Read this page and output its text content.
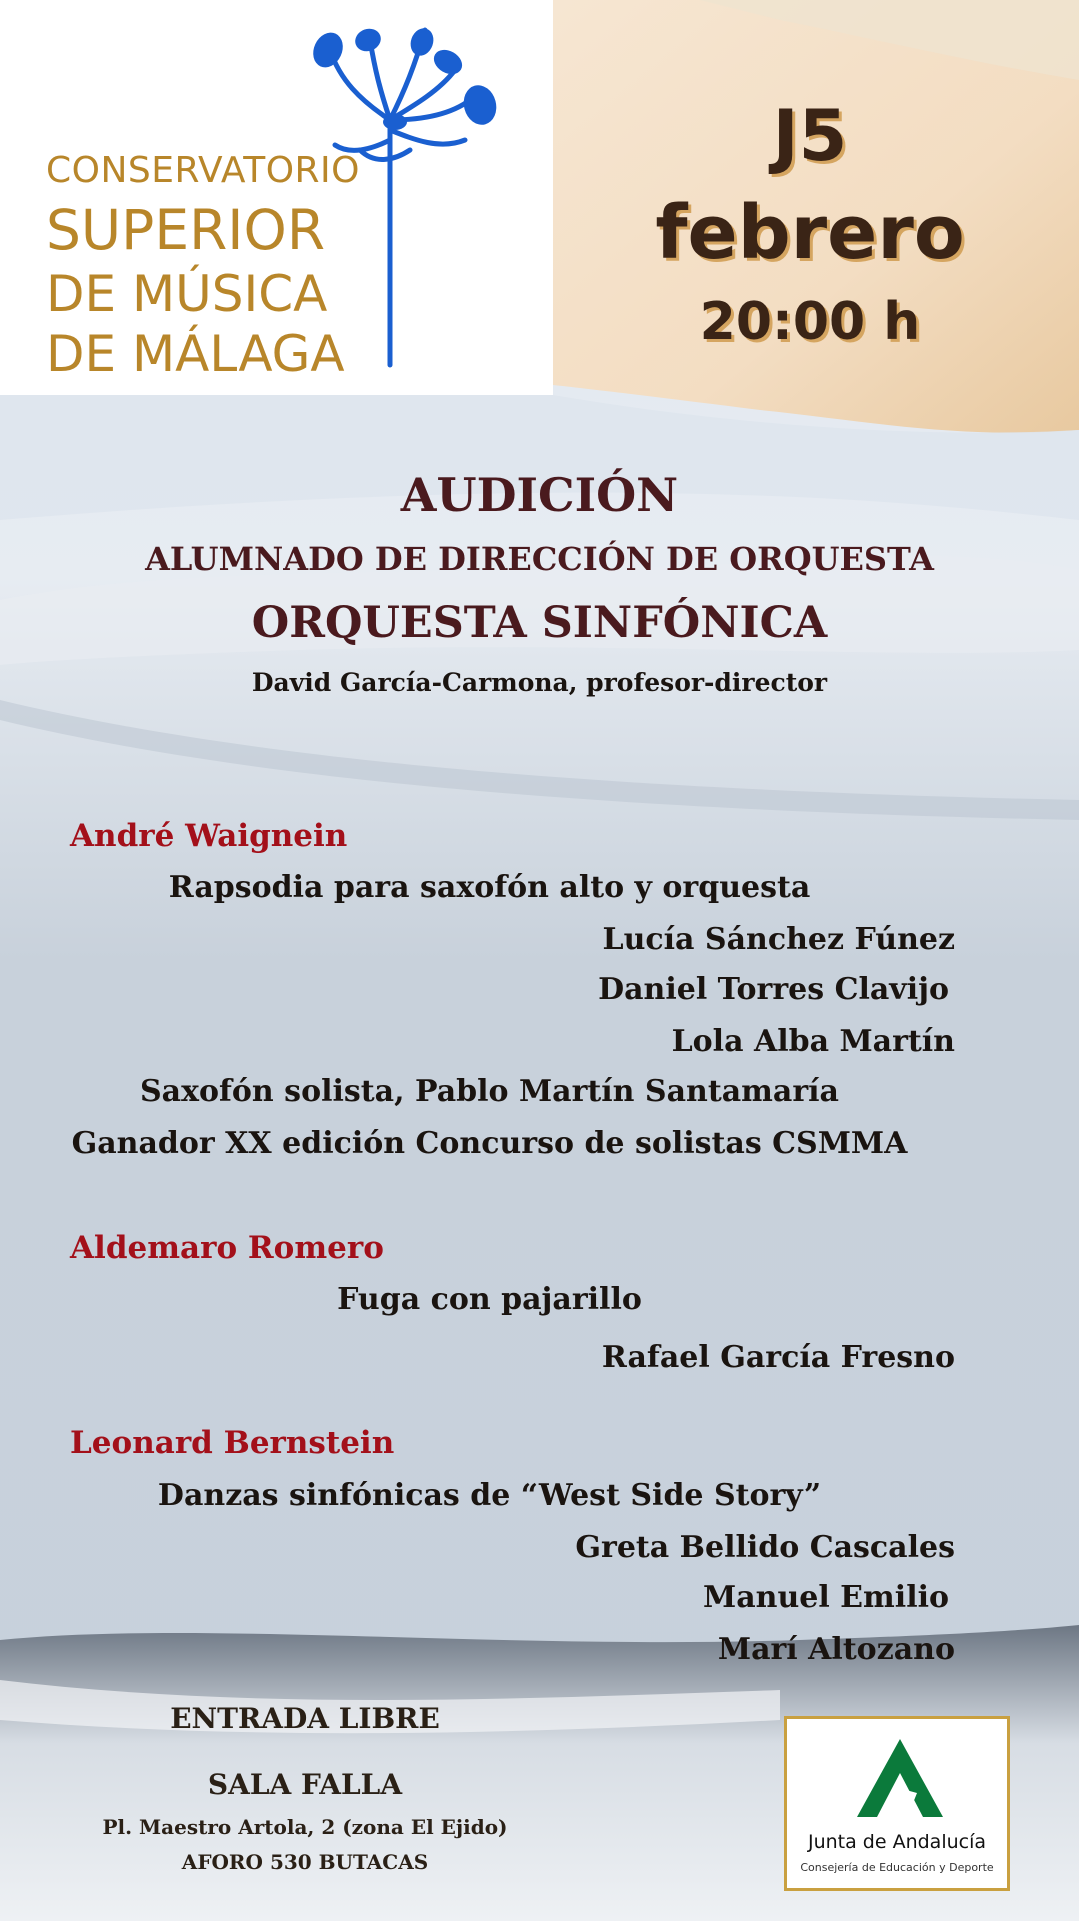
CONSERVATORIO
SUPERIOR
DE MÚSICA
DE MÁLAGA
J5
febrero
20:00 h
AUDICIÓN
ALUMNADO DE DIRECCIÓN DE ORQUESTA
ORQUESTA SINFÓNICA
David García-Carmona, profesor-director
André Waignein
Rapsodia para saxofón alto y orquesta
Lucía Sánchez Fúnez
Daniel Torres Clavijo
Lola Alba Martín
Saxofón solista, Pablo Martín Santamaría
Ganador XX edición Concurso de solistas CSMMA
Aldemaro Romero
Fuga con pajarillo
Rafael García Fresno
Leonard Bernstein
Danzas sinfónicas de “West Side Story”
Greta Bellido Cascales
Manuel Emilio
Marí Altozano
ENTRADA LIBRE
SALA FALLA
Pl. Maestro Artola, 2 (zona El Ejido)
AFORO 530 BUTACAS
Junta de Andalucía
Consejería de Educación y Deporte
